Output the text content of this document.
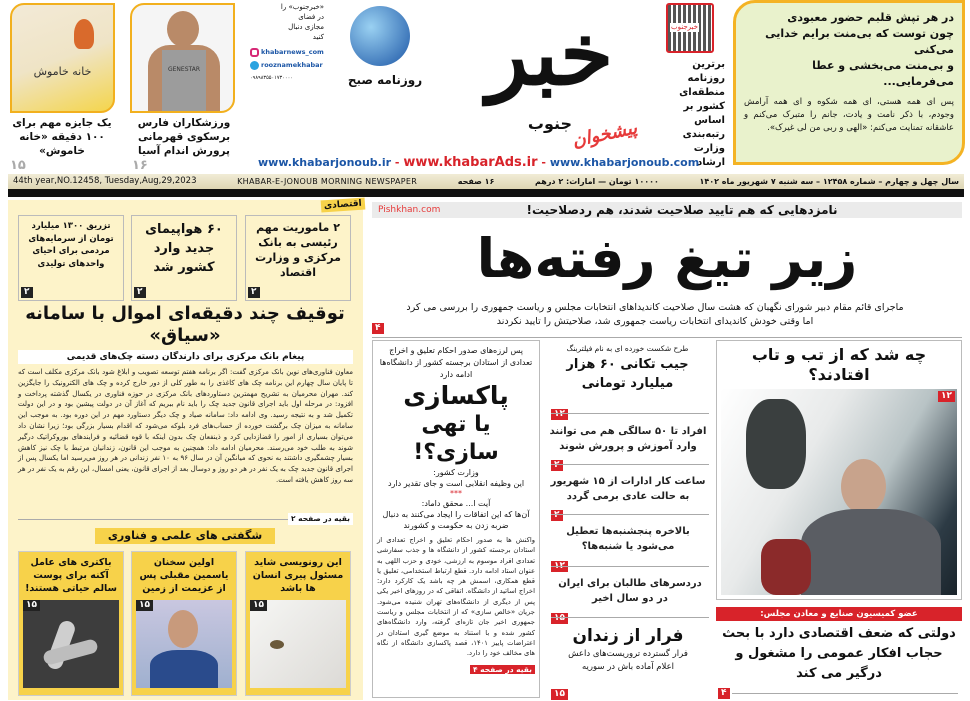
خانه خاموش
یک جایزه مهم برای ۱۰۰ دقیقه «خانه خاموش»
۱۵
GENESTAR
ورزشکاران فارس برسکوی قهرمانی پرورش اندام آسیا
۱۶
«خبرجنوب» را در فضای مجازی دنبال کنید
khabarnews_com
rooznamekhabar
۰۹۸۹۸۳۵۵۰۱۷۳۰۰۰۰	روزنامه صبح خبر
جنوب
خبرجنوب
برترین روزنامه منطقه‌ای کشور بر اساس رتبه‌بندی وزارت ارشاد
در هر تپش قلبم حضور معبودی
چون توست که بی‌منت برایم خدایی می‌کنی
و بی‌منت می‌بخشی و عطا می‌فرمایی...
پس ای همه هستی، ای همه شکوه و ای همه آرامش وجودم، با ذکر نامت و یادت، جانم را متبرک می‌کنم و عاشقانه تمنایت می‌کنم: «الهی و ربی من لی غیرک».
www.khabarjonoub.ir - www.khabarAds.ir - www.khabarjonoub.com
پیشخوان
44th year,NO.12458, Tuesday,Aug,29,2023	KHABAR-E-JONOUB MORNING NEWSPAPER	۱۶ صفحه	۱۰۰۰۰ تومان — امارات: ۲ درهم	سال چهل و چهارم – شماره ۱۲۴۵۸ – سه شنبه ۷ شهریور ماه ۱۴۰۲
اقتصادی
۲ ماموریت مهم رئیسی به بانک مرکزی و وزارت اقتصاد
۲
۶۰ هواپیمای جدید وارد کشور شد
۲
تزریق ۱۳۰۰ میلیارد تومان از سرمایه‌های مردمی برای احیای واحدهای تولیدی
۲
توقیف چند دقیقه‌ای اموال با سامانه «سیاق»
پیغام بانک مرکزی برای دارندگان دسته چک‌های قدیمی
معاون فناوری‌های نوین بانک مرکزی گفت: اگر برنامه هفتم توسعه تصویب و ابلاغ شود بانک مرکزی مکلف است که تا پایان سال چهارم این برنامه چک های کاغذی را به طور کلی از دور خارج کرده و چک های الکترونیک را جایگزین کند. مهران محرمیان به تشریح مهمترین دستاوردهای بانک مرکزی در حوزه فناوری در یکسال گذشته پرداخت و افزود: در مرحله اول باید اجرای قانون جدید چک را باید نام ببریم که آغاز آن در دولت پیشین بود و در این دولت تکمیل شد و به نتیجه رسید. وی ادامه داد: سامانه صیاد و چک دیگر دستاورد مهم در این دوره بود. به موجب این سامانه به میزان چک برگشت خورده از حساب‌های فرد بلوکه می‌شود که اقدام بسیار بزرگی بود؛ زیرا نشان داد می‌توان بسیاری از امور را قضازدایی کرد و ذینفعان چک بدون اینکه با قوه قضائیه و فرایندهای بوروکراتیک درگیر شوند به طلب خود می‌رسند. محرمیان ادامه داد: همچنین به موجب این قانون، زندانیان مرتبط با چک نیز کاهش بسیار چشمگیری داشتند به نحوی که میانگین آن در سال ۹۶ به ۱۰ نفر زندانی در هر روز می‌رسید اما یکسال پس از اجرای قانون جدید چک به یک نفر در هر دو روز و دوسال بعد از اجرای قانون، یعنی امسال، این رقم به یک نفر در هر سه روز کاهش یافته است.
بقیه در صفحه ۲
شگفتی های علمی و فناوری
این رونویسی شاید مسئول پیری انسان ها باشد
۱۵
اولین سخنان یاسمین مقبلی پس از عزیمت از زمین
۱۵
باکتری های عامل آکنه برای پوست سالم حیاتی هستند!
۱۵
نامزدهایی که هم تایید صلاحیت شدند، هم ردصلاحیت!
Pishkhan.com
زیر تیغ رفته‌ها
ماجرای قائم مقام دبیر شورای نگهبان که هشت سال صلاحیت کاندیداهای انتخابات مجلس و ریاست جمهوری را بررسی می کرد اما وقتی خودش کاندیدای انتخابات ریاست جمهوری شد، صلاحیتش را تایید نکردند
۴
پس لرزه‌های صدور احکام تعلیق و اخراج تعدادی از استادان برجسته کشور از دانشگاه‌ها ادامه دارد
پاکسازی
یا تهی سازی؟!
وزارت کشور:
این وظیفه انقلابی است و جای تقدیر دارد
***
آیت ا... محقق داماد:
آن‌ها که این اتفاقات را ایجاد می‌کنند به دنبال ضربه زدن به حکومت و کشورند
واکنش ها به صدور احکام تعلیق و اخراج تعدادی از استادان برجسته کشور از دانشگاه ها و جذب سفارشی تعدادی افراد موسوم به ارزشی، خودی و حزب اللهی به عنوان استاد ادامه دارد. قطع ارتباط استخدامی، تعلیق یا قطع همکاری، اسمش هر چه باشد یک کارکرد دارد: اخراج اساتید از دانشگاه. اتفاقی که در روزهای اخیر یکی پس از دیگری از دانشگاه‌های تهران شنیده می‌شود. جریان «خالص سازی» که از انتخابات مجلس و ریاست جمهوری اخیر جان تازه‌ای گرفته، وارد دانشگاه‌های کشور شده و با استناد به موضع گیری استادان در اعتراضات پاییز ۱۴۰۱، قصد پاکسازی دانشگاه از نگاه های مخالف خود را دارد.
بقیه در صفحه ۴
طرح شکست خورده ای به نام فیلتربنگ
جیب تکانی ۶۰ هزار میلیارد تومانی
۱۲
افراد تا ۵۰ سالگی هم می توانند وارد آموزش و پرورش شوند
۲
ساعت کار ادارات از ۱۵ شهریور به حالت عادی برمی گردد
۲
بالاخره پنجشنبه‌ها تعطیل می‌شود یا شنبه‌ها؟
۱۲
دردسرهای طالبان برای ایران در دو سال اخیر
۱۵
فرار از زندان
فرار گسترده تروریست‌های داعش اعلام آماده باش در سوریه
۱۵
چه شد که از تب و تاب افتادند؟
۱۲
عضو کمیسیون صنایع و معادن مجلس:
دولتی که ضعف اقتصادی دارد با بحث حجاب افکار عمومی را مشغول و درگیر می کند
۴
